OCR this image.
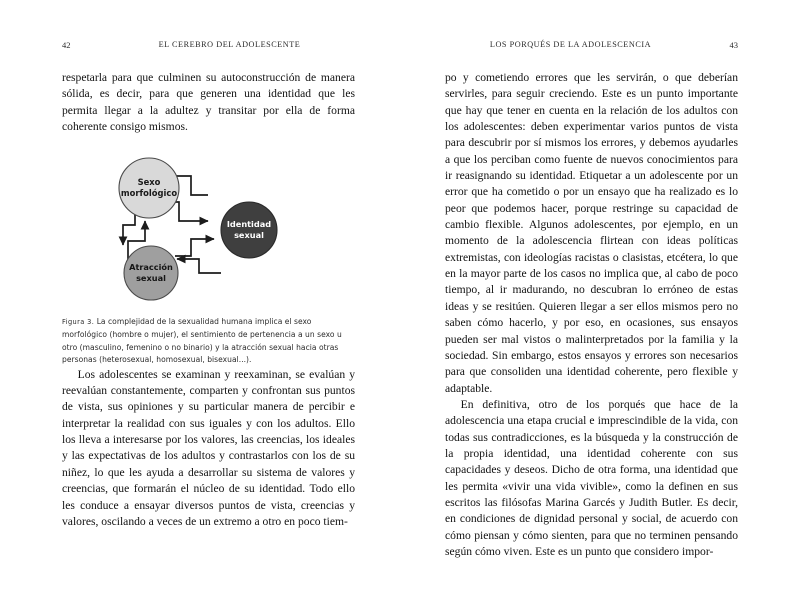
42	EL CEREBRO DEL ADOLESCENTE

respetarla para que culminen su autoconstrucción de manera sólida, es decir, para que generen una identidad que les permita llegar a la adultez y transitar por ella de forma coherente consigo mismos.

Sexo
morfológico
Identidad
sexual
Atracción
sexual
Figura 3. La complejidad de la sexualidad humana implica el sexo morfológico (hombre o mujer), el sentimiento de pertenencia a un sexo u otro (masculino, femenino o no binario) y la atracción sexual hacia otras personas (heterosexual, homosexual, bisexual...).

Los adolescentes se examinan y reexaminan, se evalúan y reevalúan constantemente, comparten y confrontan sus puntos de vista, sus opiniones y su particular manera de percibir e interpretar la realidad con sus iguales y con los adultos. Ello los lleva a interesarse por los valores, las creencias, los ideales y las expectativas de los adultos y contrastarlos con los de su niñez, lo que les ayuda a desarrollar su sistema de valores y creencias, que formarán el núcleo de su identidad. Todo ello les conduce a ensayar diversos puntos de vista, creencias y valores, oscilando a veces de un extremo a otro en poco tiem-

43
LOS PORQUÉS DE LA ADOLESCENCIA

po y cometiendo errores que les servirán, o que deberían servirles, para seguir creciendo. Este es un punto importante que hay que tener en cuenta en la relación de los adultos con los adolescentes: deben experimentar varios puntos de vista para descubrir por sí mismos los errores, y debemos ayudarles a que los perciban como fuente de nuevos conocimientos para ir reasignando su identidad. Etiquetar a un adolescente por un error que ha cometido o por un ensayo que ha realizado es lo peor que podemos hacer, porque restringe su capacidad de cambio flexible. Algunos adolescentes, por ejemplo, en un momento de la adolescencia flirtean con ideas políticas extremistas, con ideologías racistas o clasistas, etcétera, lo que en la mayor parte de los casos no implica que, al cabo de poco tiempo, al ir madurando, no descubran lo erróneo de estas ideas y se resitúen. Quieren llegar a ser ellos mismos pero no saben cómo hacerlo, y por eso, en ocasiones, sus ensayos pueden ser mal vistos o malinterpretados por la familia y la sociedad. Sin embargo, estos ensayos y errores son necesarios para que consoliden una identidad coherente, pero flexible y adaptable.

En definitiva, otro de los porqués que hace de la adolescencia una etapa crucial e imprescindible de la vida, con todas sus contradicciones, es la búsqueda y la construcción de la propia identidad, una identidad coherente con sus capacidades y deseos. Dicho de otra forma, una identidad que les permita «vivir una vida vivible», como la definen en sus escritos las filósofas Marina Garcés y Judith Butler. Es decir, en condiciones de dignidad personal y social, de acuerdo con cómo piensan y cómo sienten, para que no terminen pensando según cómo viven. Este es un punto que considero impor-
